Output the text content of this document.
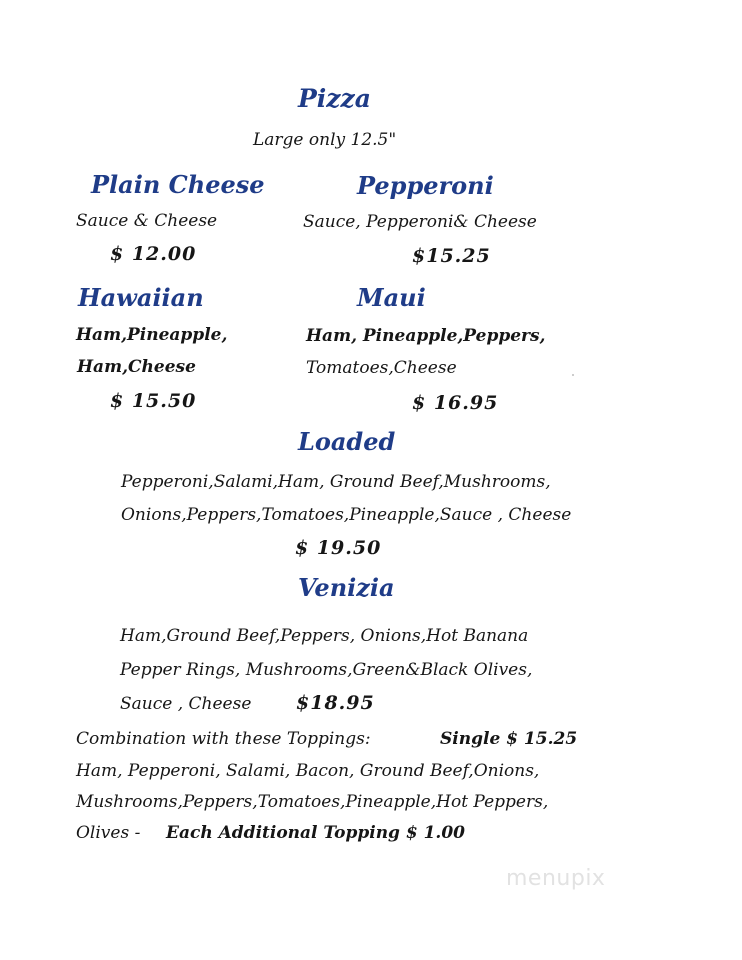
Pizza
Large only 12.5"
Plain Cheese
Sauce & Cheese
$ 12.00
Pepperoni
Sauce, Pepperoni& Cheese
$15.25
Hawaiian
Ham,Pineapple,
Ham,Cheese
$ 15.50
Maui
Ham, Pineapple,Peppers,
Tomatoes,Cheese
$ 16.95
Loaded
Pepperoni,Salami,Ham, Ground Beef,Mushrooms,
Onions,Peppers,Tomatoes,Pineapple,Sauce , Cheese
$ 19.50
Venizia
Ham,Ground Beef,Peppers, Onions,Hot Banana
Pepper Rings, Mushrooms,Green&Black Olives,
Sauce , Cheese $18.95
Combination with these Toppings:	Single $ 15.25
Ham, Pepperoni, Salami, Bacon, Ground Beef,Onions,
Mushrooms,Peppers,Tomatoes,Pineapple,Hot Peppers,
Olives - Each Additional Topping $ 1.00
menupix
